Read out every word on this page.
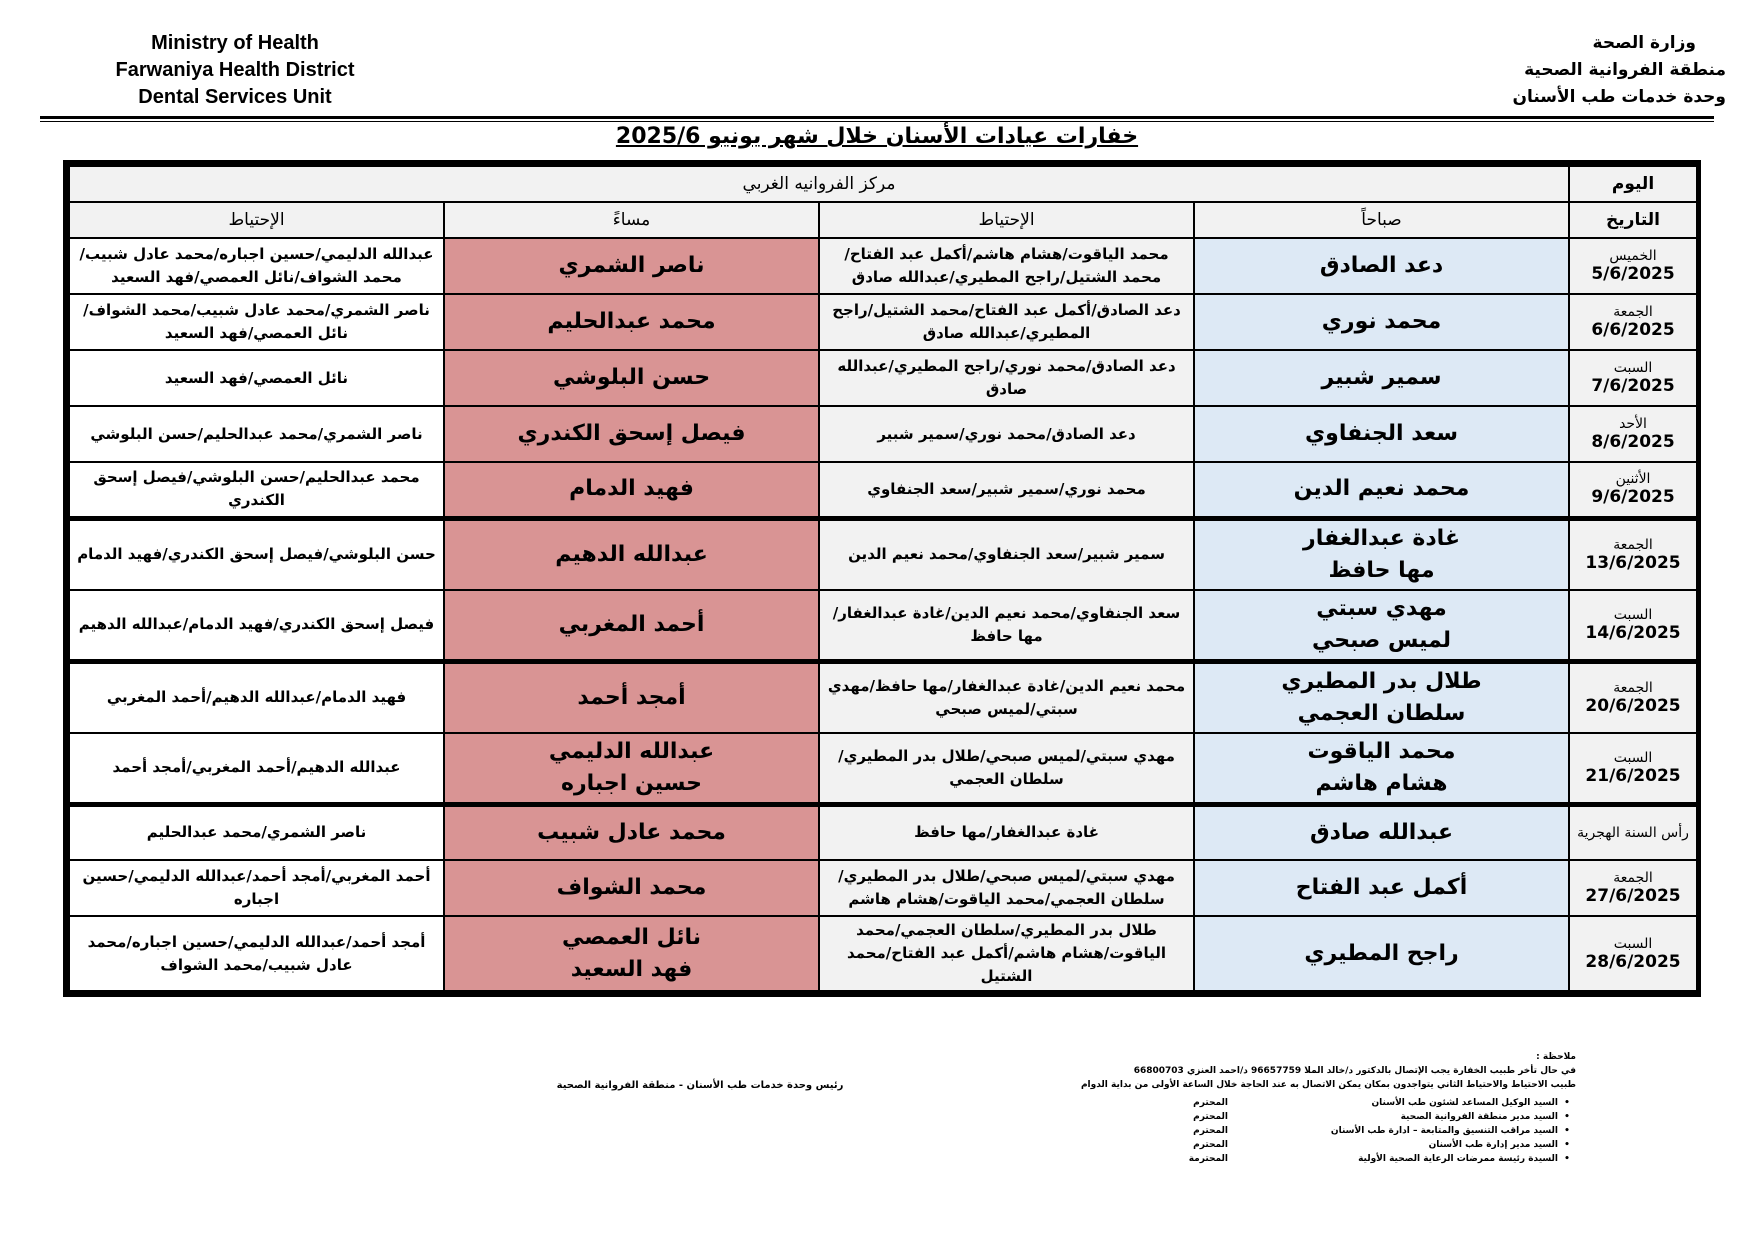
Ministry of Health
Farwaniya Health District
Dental Services Unit
وزارة الصحة
منطقة الفروانية الصحية
وحدة خدمات طب الأسنان
خفارات عيادات الأسنان خلال شهر يونيو 2025/6
اليوم	مركز الفروانيه الغربي			
التاريخ	صباحاً	الإحتياط	مساءً	الإحتياط

الخميس
5/6/2025	دعد الصادق	محمد الياقوت/هشام هاشم/أكمل عبد الفتاح/محمد الشتيل/راجح المطيري/عبدالله صادق	ناصر الشمري	عبدالله الدليمي/حسين اجباره/محمد عادل شبيب/محمد الشواف/نائل العمصي/فهد السعيد

الجمعة
6/6/2025	محمد نوري	دعد الصادق/أكمل عبد الفتاح/محمد الشتيل/راجح المطيري/عبدالله صادق	محمد عبدالحليم	ناصر الشمري/محمد عادل شبيب/محمد الشواف/نائل العمصي/فهد السعيد

السبت
7/6/2025	سمير شبير	دعد الصادق/محمد نوري/راجح المطيري/عبدالله صادق	حسن البلوشي	نائل العمصي/فهد السعيد

الأحد
8/6/2025	سعد الجنفاوي	دعد الصادق/محمد نوري/سمير شبير	فيصل إسحق الكندري	ناصر الشمري/محمد عبدالحليم/حسن البلوشي

الأثنين
9/6/2025	محمد نعيم الدين	محمد نوري/سمير شبير/سعد الجنفاوي	فهيد الدمام	محمد عبدالحليم/حسن البلوشي/فيصل إسحق الكندري

الجمعة
13/6/2025	غادة عبدالغفار
مها حافظ	سمير شبير/سعد الجنفاوي/محمد نعيم الدين	عبدالله الدهيم	حسن البلوشي/فيصل إسحق الكندري/فهيد الدمام

السبت
14/6/2025	مهدي سبتي
لميس صبحي	سعد الجنفاوي/محمد نعيم الدين/غادة عبدالغفار/مها حافظ	أحمد المغربي	فيصل إسحق الكندري/فهيد الدمام/عبدالله الدهيم

الجمعة
20/6/2025	طلال بدر المطيري
سلطان العجمي	محمد نعيم الدين/غادة عبدالغفار/مها حافظ/مهدي سبتي/لميس صبحي	أمجد أحمد	فهيد الدمام/عبدالله الدهيم/أحمد المغربي

السبت
21/6/2025	محمد الياقوت
هشام هاشم	مهدي سبتي/لميس صبحي/طلال بدر المطيري/سلطان العجمي	عبدالله الدليمي
حسين اجباره	عبدالله الدهيم/أحمد المغربي/أمجد أحمد

رأس السنة الهجرية	عبدالله صادق	غادة عبدالغفار/مها حافظ	محمد عادل شبيب	ناصر الشمري/محمد عبدالحليم

الجمعة
27/6/2025	أكمل عبد الفتاح	مهدي سبتي/لميس صبحي/طلال بدر المطيري/سلطان العجمي/محمد الياقوت/هشام هاشم	محمد الشواف	أحمد المغربي/أمجد أحمد/عبدالله الدليمي/حسين اجباره

السبت
28/6/2025	راجح المطيري	طلال بدر المطيري/سلطان العجمي/محمد الياقوت/هشام هاشم/أكمل عبد الفتاح/محمد الشتيل	نائل العمصي
فهد السعيد	أمجد أحمد/عبدالله الدليمي/حسين اجباره/محمد عادل شبيب/محمد الشواف
ملاحظة :
في حال تأخر طبيب الخفارة يجب الإتصال بالدكتور د/خالد الملا 96657759 د/احمد العنزي 66800703
طبيب الاحتياط والاحتياط الثاني يتواجدون بمكان يمكن الاتصال به عند الحاجة خلال الساعة الأولى من بداية الدوام
•
السيد الوكيل المساعد لشئون طب الأسنان
المحترم
•
السيد مدير منطقة الفروانية الصحية
المحترم
•
السيد مراقب التنسيق والمتابعة – ادارة طب الأسنان
المحترم
•
السيد مدير إدارة طب الأسنان
المحترم
•
السيدة رئيسة ممرضات الرعاية الصحية الأولية
المحترمة
رئيس وحدة خدمات طب الأسنان - منطقة الفروانية الصحية
